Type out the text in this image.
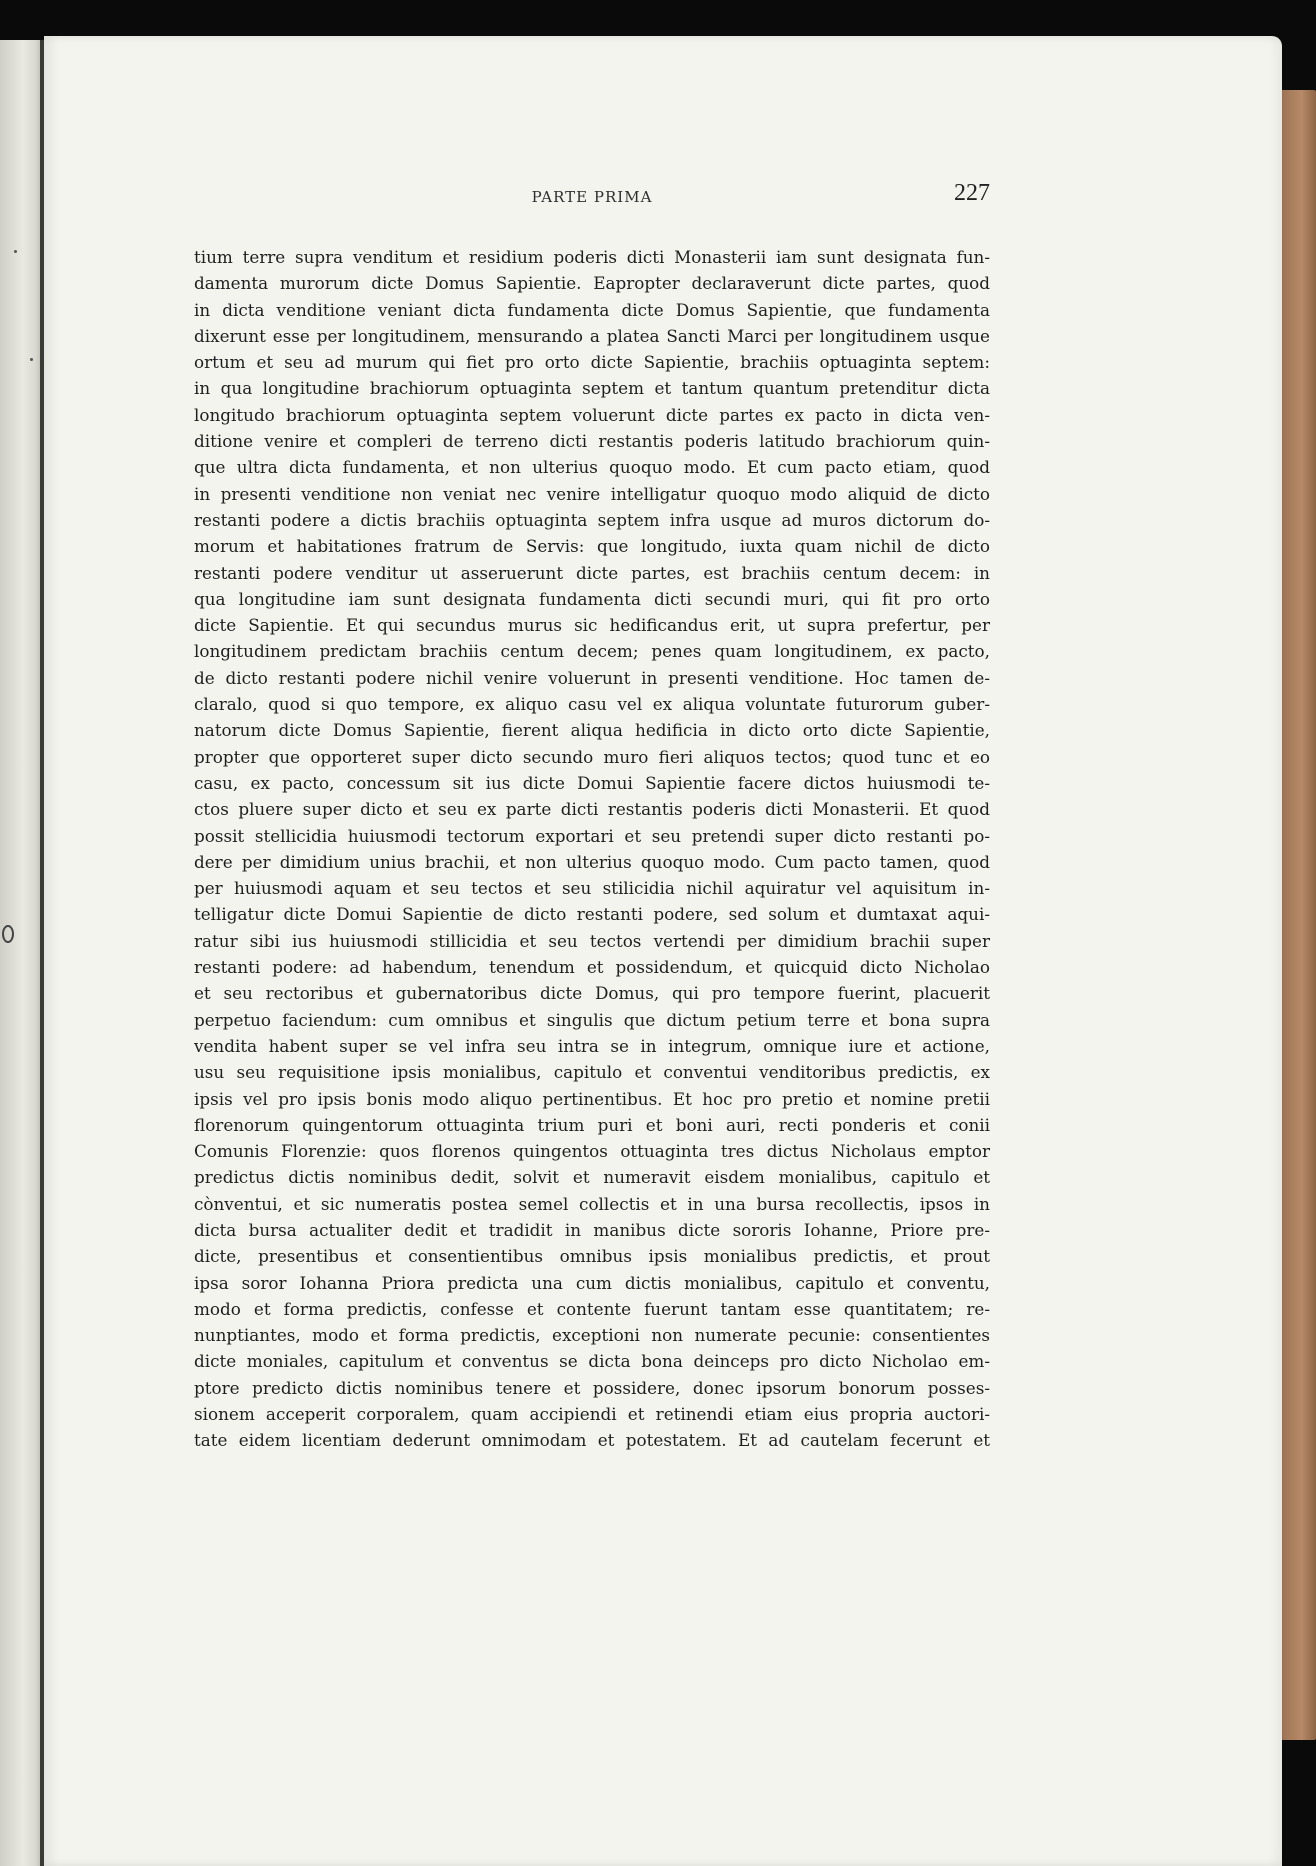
PARTE PRIMA	227
tium terre supra venditum et residium poderis dicti Monasterii iam sunt designata fun-
damenta murorum dicte Domus Sapientie. Eapropter declaraverunt dicte partes, quod
in dicta venditione veniant dicta fundamenta dicte Domus Sapientie, que fundamenta
dixerunt esse per longitudinem, mensurando a platea Sancti Marci per longitudinem usque
ortum et seu ad murum qui fiet pro orto dicte Sapientie, brachiis optuaginta septem:
in qua longitudine brachiorum optuaginta septem et tantum quantum pretenditur dicta
longitudo brachiorum optuaginta septem voluerunt dicte partes ex pacto in dicta ven-
ditione venire et compleri de terreno dicti restantis poderis latitudo brachiorum quin-
que ultra dicta fundamenta, et non ulterius quoquo modo. Et cum pacto etiam, quod
in presenti venditione non veniat nec venire intelligatur quoquo modo aliquid de dicto
restanti podere a dictis brachiis optuaginta septem infra usque ad muros dictorum do-
morum et habitationes fratrum de Servis: que longitudo, iuxta quam nichil de dicto
restanti podere venditur ut asseruerunt dicte partes, est brachiis centum decem: in
qua longitudine iam sunt designata fundamenta dicti secundi muri, qui fit pro orto
dicte Sapientie. Et qui secundus murus sic hedificandus erit, ut supra prefertur, per
longitudinem predictam brachiis centum decem; penes quam longitudinem, ex pacto,
de dicto restanti podere nichil venire voluerunt in presenti venditione. Hoc tamen de-
claralo, quod si quo tempore, ex aliquo casu vel ex aliqua voluntate futurorum guber-
natorum dicte Domus Sapientie, fierent aliqua hedificia in dicto orto dicte Sapientie,
propter que opporteret super dicto secundo muro fieri aliquos tectos; quod tunc et eo
casu, ex pacto, concessum sit ius dicte Domui Sapientie facere dictos huiusmodi te-
ctos pluere super dicto et seu ex parte dicti restantis poderis dicti Monasterii. Et quod
possit stellicidia huiusmodi tectorum exportari et seu pretendi super dicto restanti po-
dere per dimidium unius brachii, et non ulterius quoquo modo. Cum pacto tamen, quod
per huiusmodi aquam et seu tectos et seu stilicidia nichil aquiratur vel aquisitum in-
telligatur dicte Domui Sapientie de dicto restanti podere, sed solum et dumtaxat aqui-
ratur sibi ius huiusmodi stillicidia et seu tectos vertendi per dimidium brachii super
restanti podere: ad habendum, tenendum et possidendum, et quicquid dicto Nicholao
et seu rectoribus et gubernatoribus dicte Domus, qui pro tempore fuerint, placuerit
perpetuo faciendum: cum omnibus et singulis que dictum petium terre et bona supra
vendita habent super se vel infra seu intra se in integrum, omnique iure et actione,
usu seu requisitione ipsis monialibus, capitulo et conventui venditoribus predictis, ex
ipsis vel pro ipsis bonis modo aliquo pertinentibus. Et hoc pro pretio et nomine pretii
florenorum quingentorum ottuaginta trium puri et boni auri, recti ponderis et conii
Comunis Florenzie: quos florenos quingentos ottuaginta tres dictus Nicholaus emptor
predictus dictis nominibus dedit, solvit et numeravit eisdem monialibus, capitulo et
cònventui, et sic numeratis postea semel collectis et in una bursa recollectis, ipsos in
dicta bursa actualiter dedit et tradidit in manibus dicte sororis Iohanne, Priore pre-
dicte, presentibus et consentientibus omnibus ipsis monialibus predictis, et prout
ipsa soror Iohanna Priora predicta una cum dictis monialibus, capitulo et conventu,
modo et forma predictis, confesse et contente fuerunt tantam esse quantitatem; re-
nunptiantes, modo et forma predictis, exceptioni non numerate pecunie: consentientes
dicte moniales, capitulum et conventus se dicta bona deinceps pro dicto Nicholao em-
ptore predicto dictis nominibus tenere et possidere, donec ipsorum bonorum posses-
sionem acceperit corporalem, quam accipiendi et retinendi etiam eius propria auctori-
tate eidem licentiam dederunt omnimodam et potestatem. Et ad cautelam fecerunt et
